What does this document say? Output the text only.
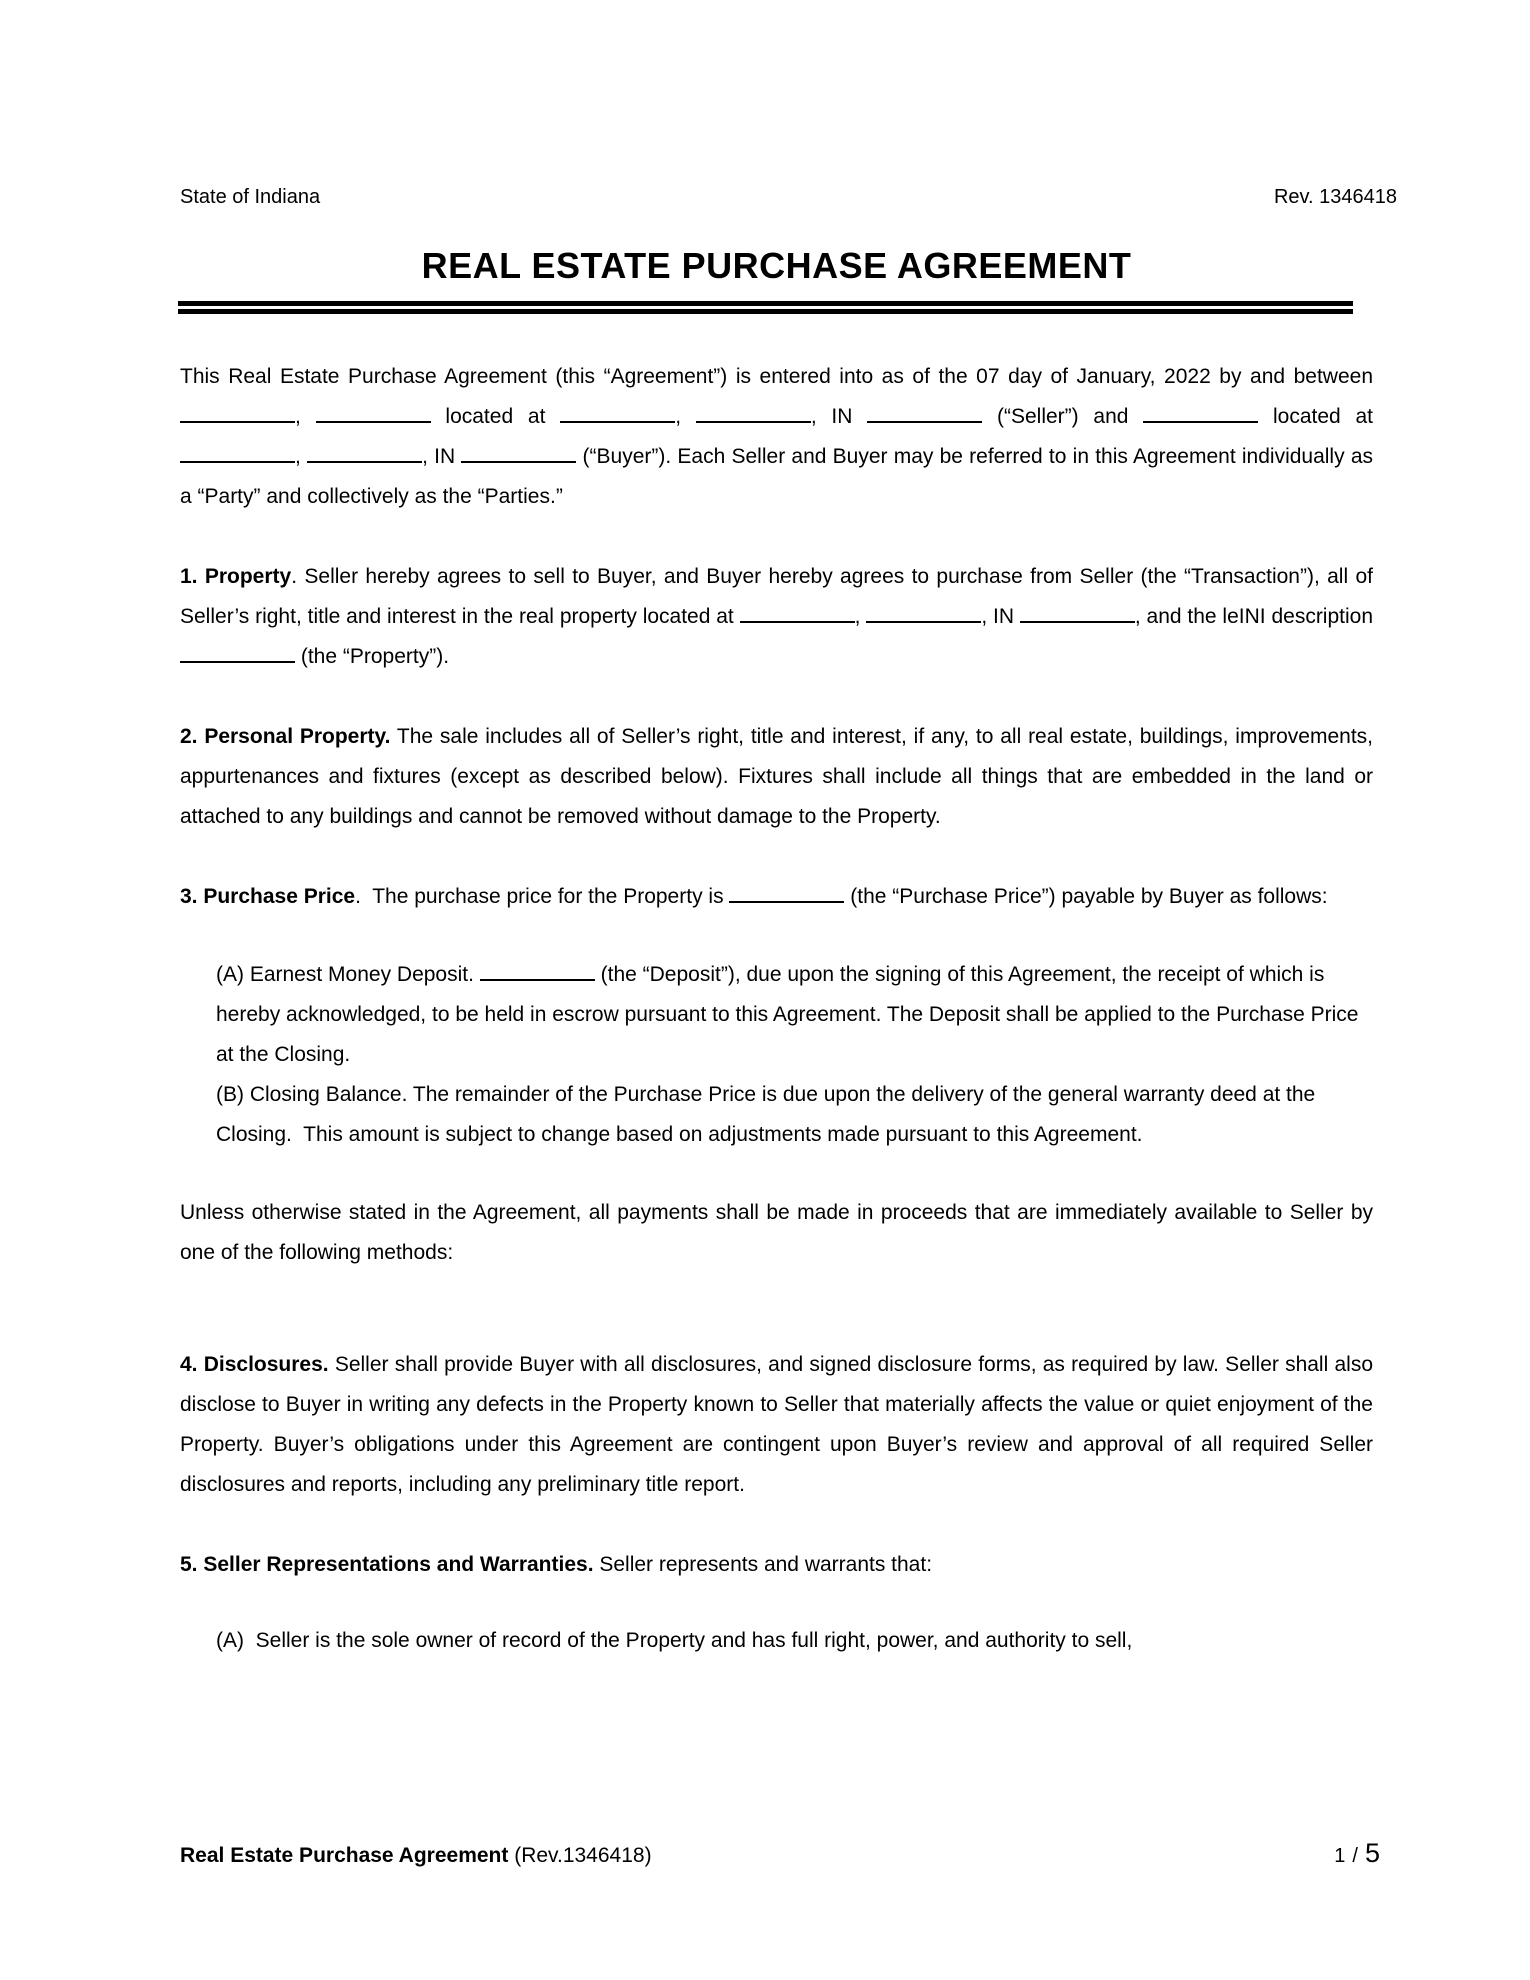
State of Indiana	Rev. 1346418
REAL ESTATE PURCHASE AGREEMENT

This Real Estate Purchase Agreement (this “Agreement”) is entered into as of the 07 day of January, 2022 by and between ,	located at	,	, IN	(“Seller”) and	located at ,	, IN	(“Buyer”). Each Seller and Buyer may be referred to in this Agreement individually as a “Party” and collectively as the “Parties.”

1. Property. Seller hereby agrees to sell to Buyer, and Buyer hereby agrees to purchase from Seller (the “Transaction”), all of Seller’s right, title and interest in the real property located at	,	, IN	, and the leINI description  (the “Property”).

2. Personal Property. The sale includes all of Seller’s right, title and interest, if any, to all real estate, buildings, improvements, appurtenances and fixtures (except as described below). Fixtures shall include all things that are embedded in the land or attached to any buildings and cannot be removed without damage to the Property.

3. Purchase Price.  The purchase price for the Property is	(the “Purchase Price”) payable by Buyer as follows:

(A) Earnest Money Deposit.	(the “Deposit”), due upon the signing of this Agreement, the receipt of which is hereby acknowledged, to be held in escrow pursuant to this Agreement. The Deposit shall be applied to the Purchase Price at the Closing.

(B) Closing Balance. The remainder of the Purchase Price is due upon the delivery of the general warranty deed at the Closing.  This amount is subject to change based on adjustments made pursuant to this Agreement.

Unless otherwise stated in the Agreement, all payments shall be made in proceeds that are immediately available to Seller by one of the following methods:

4. Disclosures. Seller shall provide Buyer with all disclosures, and signed disclosure forms, as required by law. Seller shall also disclose to Buyer in writing any defects in the Property known to Seller that materially affects the value or quiet enjoyment of the Property. Buyer’s obligations under this Agreement are contingent upon Buyer’s review and approval of all required Seller disclosures and reports, including any preliminary title report.

5. Seller Representations and Warranties. Seller represents and warrants that:

(A)  Seller is the sole owner of record of the Property and has full right, power, and authority to sell,

Real Estate Purchase Agreement (Rev.1346418)	1 / 5
